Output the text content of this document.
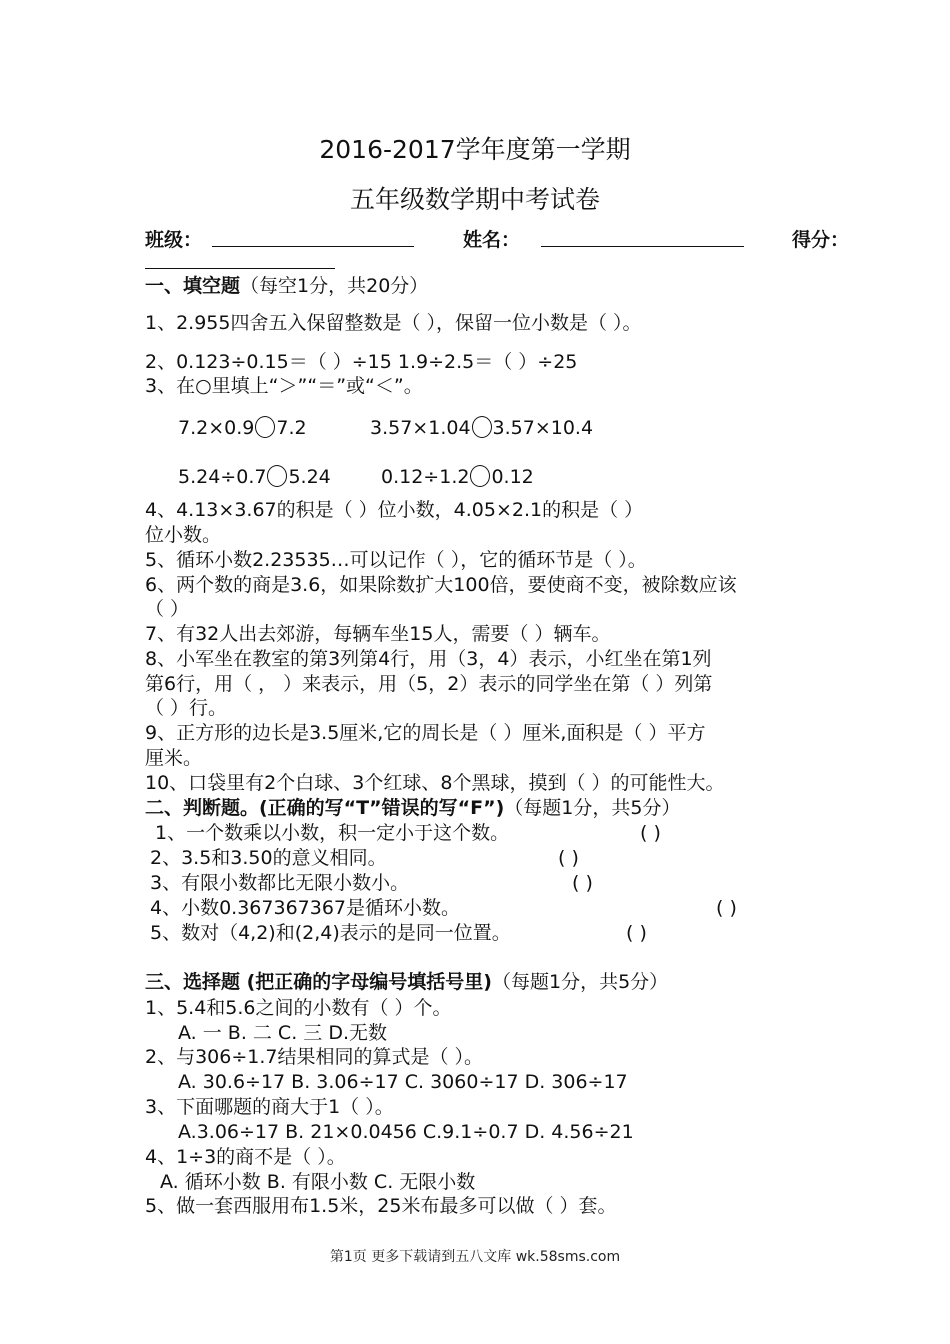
2016-2017学年度第一学期
五年级数学期中考试卷
班级：	姓名：	得分：
一、填空题（每空1分，共20分）
1、2.955四舍五入保留整数是（ ），保留一位小数是（ ）。
2、0.123÷0.15＝（ ）÷15 1.9÷2.5＝（ ）÷25
3、在○里填上“＞”“＝”或“＜”。
7.2×0.9 7.2	3.57×1.04 3.57×10.4
5.24÷0.7 5.24	0.12÷1.2 0.12
4、4.13×3.67的积是（ ）位小数，4.05×2.1的积是（ ）
位小数。
5、循环小数2.23535…可以记作（ ），它的循环节是（ ）。
6、两个数的商是3.6，如果除数扩大100倍，要使商不变，被除数应该
（ ）
7、有32人出去郊游，每辆车坐15人，需要（ ）辆车。
8、小军坐在教室的第3列第4行，用（3，4）表示，小红坐在第1列
第6行，用（ ， ）来表示，用（5，2）表示的同学坐在第（ ）列第
（ ）行。
9、正方形的边长是3.5厘米,它的周长是（ ）厘米,面积是（ ）平方
厘米。
10、口袋里有2个白球、3个红球、8个黑球，摸到（ ）的可能性大。
二、判断题。(正确的写“T”错误的写“F”)（每题1分，共5分）
1、一个数乘以小数，积一定小于这个数。	( )
2、3.5和3.50的意义相同。	( )
3、有限小数都比无限小数小。	( )
4、小数0.367367367是循环小数。	( )
5、数对（4,2)和(2,4)表示的是同一位置。	( )
三、选择题 (把正确的字母编号填括号里)（每题1分，共5分）
1、5.4和5.6之间的小数有（ ）个。
A. 一 B. 二 C. 三 D.无数
2、与306÷1.7结果相同的算式是（ ）。
A. 30.6÷17 B. 3.06÷17 C. 3060÷17 D. 306÷17
3、下面哪题的商大于1（ ）。
A.3.06÷17 B. 21×0.0456 C.9.1÷0.7 D. 4.56÷21
4、1÷3的商不是（ ）。
A. 循环小数 B. 有限小数 C. 无限小数
5、做一套西服用布1.5米，25米布最多可以做（ ）套。
第1页 更多下载请到五八文库 wk.58sms.com
